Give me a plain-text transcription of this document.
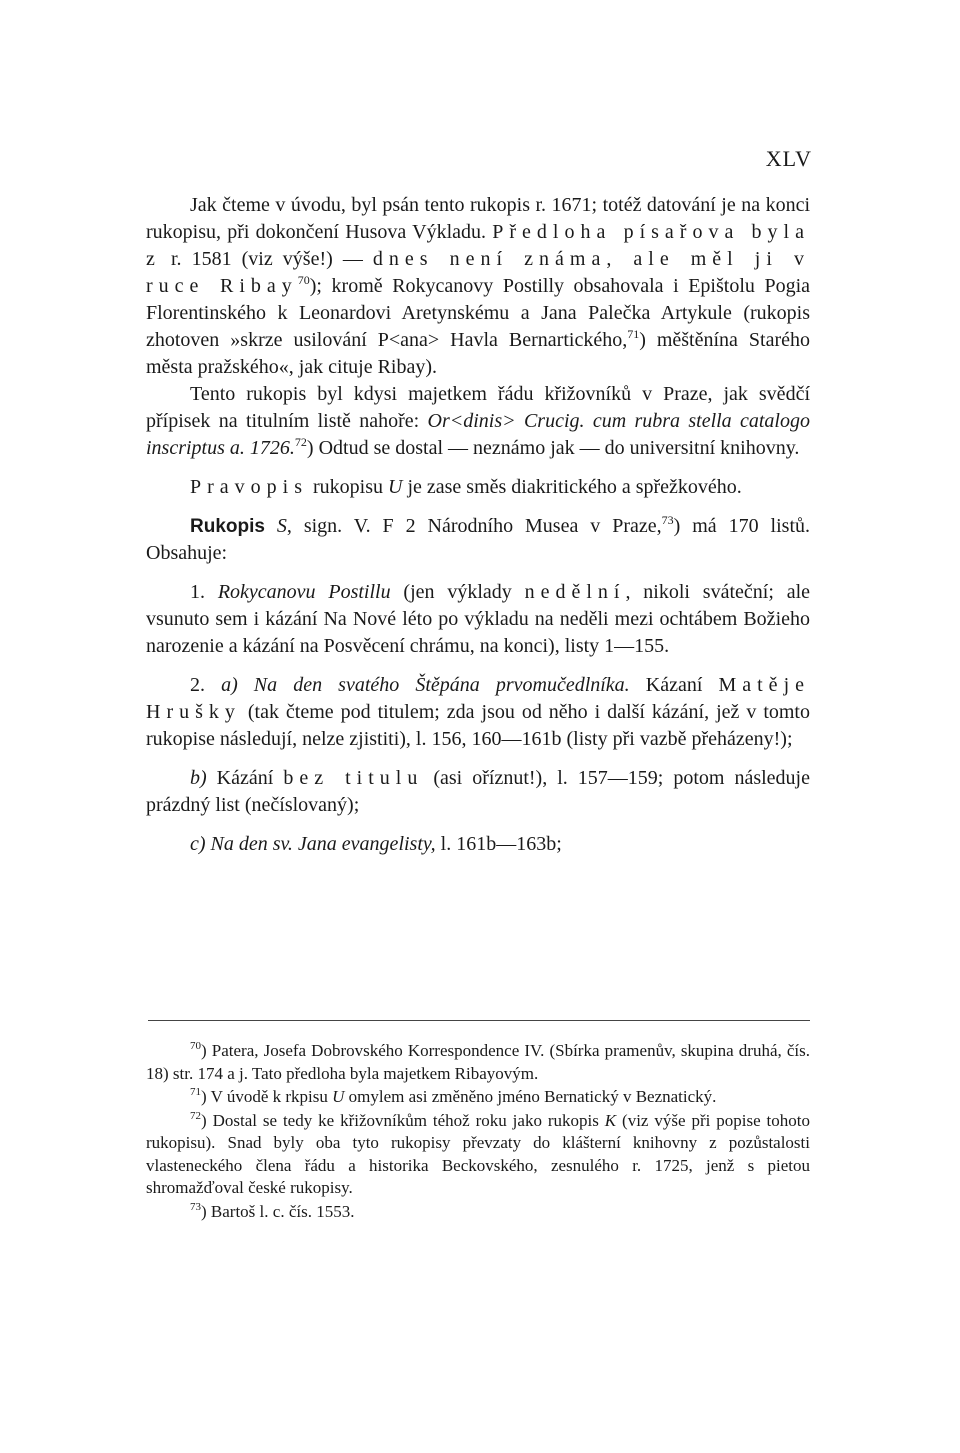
XLV

Jak čteme v úvodu, byl psán tento rukopis r. 1671; totéž datování je na konci rukopisu, při dokončení Husova Výkladu. Předloha písařova byla z r. 1581 (viz výše!) — dnes není známa, ale měl ji v ruce Ribay$^{70}$); kromě Rokycanovy Postilly obsahovala i Epištolu Pogia Florentinského k Leonardovi Aretynskému a Jana Palečka Artykule (rukopis zhotoven »skrze usilování P<ana> Havla Bernartického,$^{71}$) měštěnína Starého města pražského«, jak cituje Ribay).

Tento rukopis byl kdysi majetkem řádu křižovníků v Praze, jak svědčí přípisek na titulním listě nahoře: Or<dinis> Crucig. cum rubra stella catalogo inscriptus a. 1726.72) Odtud se dostal — neznámo jak — do universitní knihovny.

Pravopis rukopisu U je zase směs diakritického a spřežkového.

Rukopis S, sign. V. F 2 Národního Musea v Praze,$^{73}$) má 170 listů. Obsahuje:

1. Rokycanovu Postillu (jen výklady nedělní, nikoli sváteční; ale vsunuto sem i kázání Na Nové léto po výkladu na neděli mezi ochtábem Božieho narozenie a kázání na Posvěcení chrámu, na konci), listy 1—155.

2. a) Na den svatého Štěpána prvomučedlníka. Kázaní Matěje Hrušky (tak čteme pod titulem; zda jsou od něho i další kázání, jež v tomto rukopise následují, nelze zjistiti), l. 156, 160—161b (listy při vazbě přeházeny!);

b) Kázání bez titulu (asi oříznut!), l. 157—159; potom následuje prázdný list (nečíslovaný);

c) Na den sv. Jana evangelisty, l. 161b—163b;

$^{70}$) Patera, Josefa Dobrovského Korrespondence IV. (Sbírka pramenův, skupina druhá, čís. 18) str. 174 a j. Tato předloha byla majetkem Ribayovým.

$^{71}$) V úvodě k rkpisu U omylem asi změněno jméno Bernatický v Beznatický.

$^{72}$) Dostal se tedy ke křižovníkům téhož roku jako rukopis K (viz výše při popise tohoto rukopisu). Snad byly oba tyto rukopisy převzaty do klášterní knihovny z pozůstalosti vlasteneckého člena řádu a historika Beckovského, zesnulého r. 1725, jenž s pietou shromažďoval české rukopisy.

$^{73}$) Bartoš l. c. čís. 1553.
